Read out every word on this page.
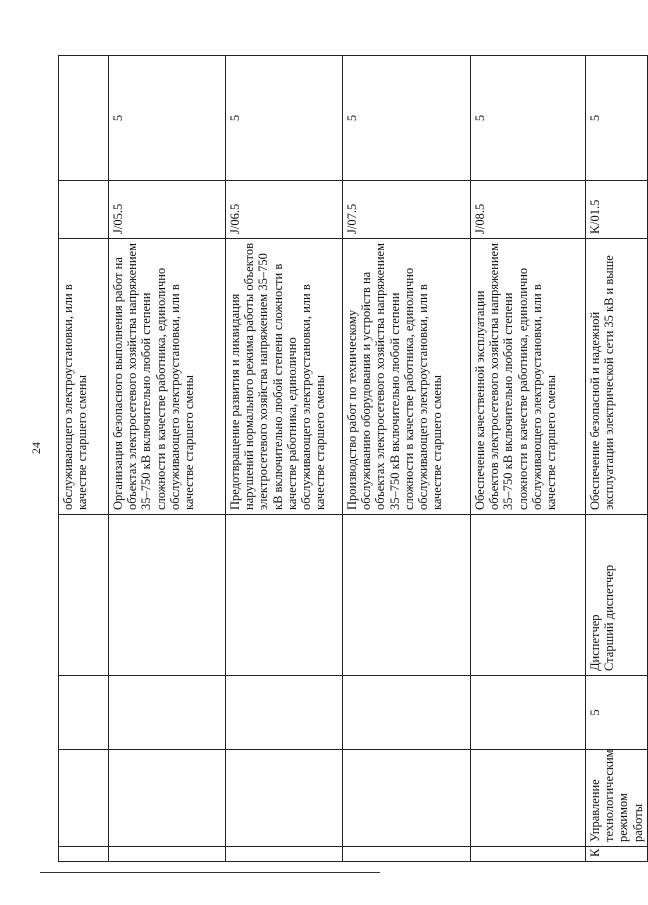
24
					обслуживающего электроустановки, или в качестве старшего смены		
				Организация безопасного выполнения работ на объектах электросетевого хозяйства напряжением 35–750 кВ включительно любой степени сложности в качестве работника, единолично обслуживающего электроустановки, или в качестве старшего смены	J/05.5	5
				Предотвращение развития и ликвидация нарушений нормального режима работы объектов электросетевого хозяйства напряжением 35–750 кВ включительно любой степени сложности в качестве работника, единолично обслуживающего электроустановки, или в качестве старшего смены	J/06.5	5
				Производство работ по техническому обслуживанию оборудования и устройств на объектах электросетевого хозяйства напряжением 35–750 кВ включительно любой степени сложности в качестве работника, единолично обслуживающего электроустановки, или в качестве старшего смены	J/07.5	5
				Обеспечение качественной эксплуатации объектов электросетевого хозяйства напряжением 35–750 кВ включительно любой степени сложности в качестве работника, единолично обслуживающего электроустановки, или в качестве старшего смены	J/08.5	5
К	Управление технологическим режимом работы	5	Диспетчер Старший диспетчер	Обеспечение безопасной и надежной эксплуатации электрической сети 35 кВ и выше	K/01.5	5
